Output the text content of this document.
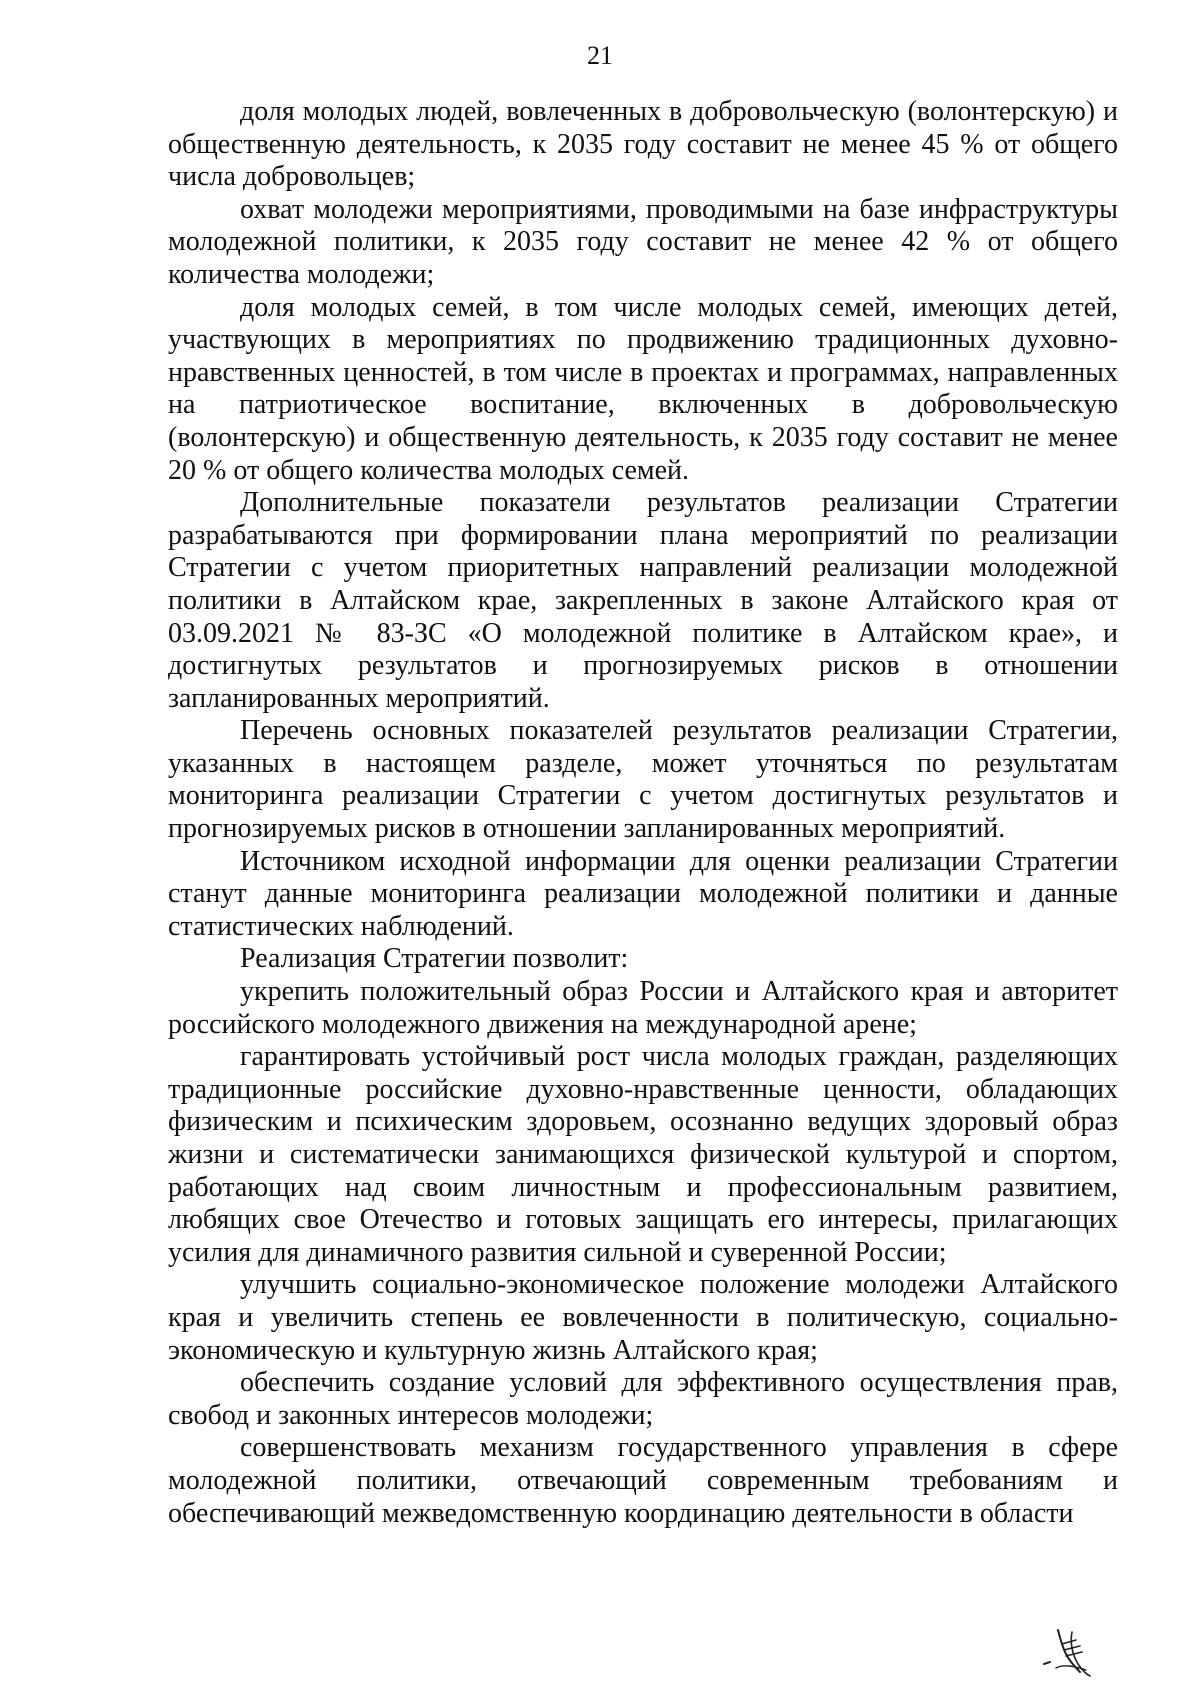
21

доля молодых людей, вовлеченных в добровольческую (волонтерскую) и общественную деятельность, к 2035 году составит не менее 45 % от общего числа добровольцев;

охват молодежи мероприятиями, проводимыми на базе инфраструктуры молодежной политики, к 2035 году составит не менее 42 % от общего количества молодежи;

доля молодых семей, в том числе молодых семей, имеющих детей, участвующих в мероприятиях по продвижению традиционных духовно-нравственных ценностей, в том числе в проектах и программах, направленных на патриотическое воспитание, включенных в добровольческую (волонтерскую) и общественную деятельность, к 2035 году составит не менее 20 % от общего количества молодых семей.

Дополнительные показатели результатов реализации Стратегии разрабатываются при формировании плана мероприятий по реализации Стратегии с учетом приоритетных направлений реализации молодежной политики в Алтайском крае, закрепленных в законе Алтайского края от 03.09.2021 № 83-ЗС «О молодежной политике в Алтайском крае», и достигнутых результатов и прогнозируемых рисков в отношении запланированных мероприятий.

Перечень основных показателей результатов реализации Стратегии, указанных в настоящем разделе, может уточняться по результатам мониторинга реализации Стратегии с учетом достигнутых результатов и прогнозируемых рисков в отношении запланированных мероприятий.

Источником исходной информации для оценки реализации Стратегии станут данные мониторинга реализации молодежной политики и данные статистических наблюдений.

Реализация Стратегии позволит:

укрепить положительный образ России и Алтайского края и авторитет российского молодежного движения на международной арене;

гарантировать устойчивый рост числа молодых граждан, разделяющих традиционные российские духовно-нравственные ценности, обладающих физическим и психическим здоровьем, осознанно ведущих здоровый образ жизни и систематически занимающихся физической культурой и спортом, работающих над своим личностным и профессиональным развитием, любящих свое Отечество и готовых защищать его интересы, прилагающих усилия для динамичного развития сильной и суверенной России;

улучшить социально-экономическое положение молодежи Алтайского края и увеличить степень ее вовлеченности в политическую, социально-экономическую и культурную жизнь Алтайского края;

обеспечить создание условий для эффективного осуществления прав, свобод и законных интересов молодежи;

совершенствовать механизм государственного управления в сфере молодежной политики, отвечающий современным требованиям и обеспечивающий межведомственную координацию деятельности в области
